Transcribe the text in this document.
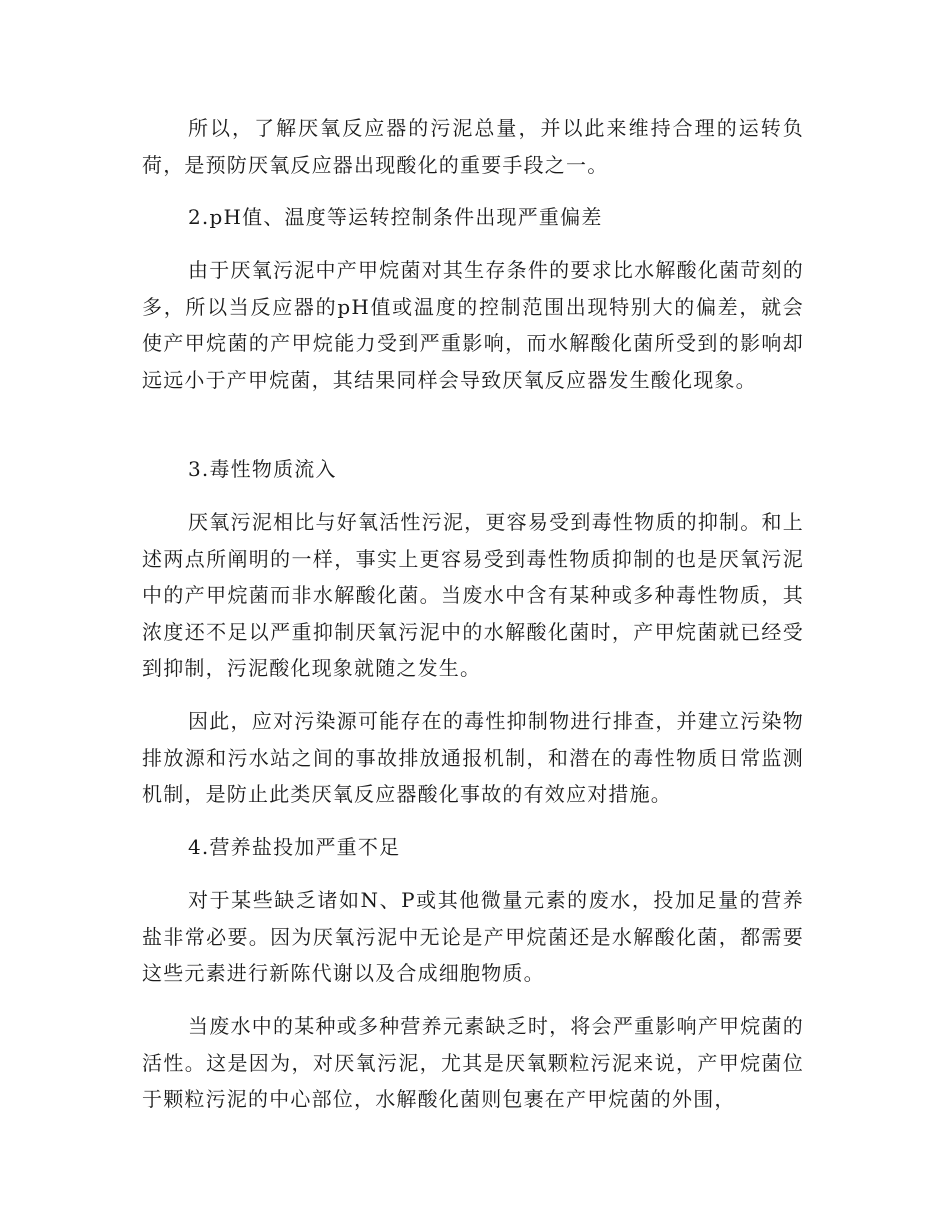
所以，了解厌氧反应器的污泥总量，并以此来维持合理的运转负荷，是预防厌氧反应器出现酸化的重要手段之一。

2.pH值、温度等运转控制条件出现严重偏差

由于厌氧污泥中产甲烷菌对其生存条件的要求比水解酸化菌苛刻的多，所以当反应器的pH值或温度的控制范围出现特别大的偏差，就会使产甲烷菌的产甲烷能力受到严重影响，而水解酸化菌所受到的影响却远远小于产甲烷菌，其结果同样会导致厌氧反应器发生酸化现象。

3.毒性物质流入

厌氧污泥相比与好氧活性污泥，更容易受到毒性物质的抑制。和上述两点所阐明的一样，事实上更容易受到毒性物质抑制的也是厌氧污泥中的产甲烷菌而非水解酸化菌。当废水中含有某种或多种毒性物质，其浓度还不足以严重抑制厌氧污泥中的水解酸化菌时，产甲烷菌就已经受到抑制，污泥酸化现象就随之发生。

因此，应对污染源可能存在的毒性抑制物进行排查，并建立污染物排放源和污水站之间的事故排放通报机制，和潜在的毒性物质日常监测机制，是防止此类厌氧反应器酸化事故的有效应对措施。

4.营养盐投加严重不足

对于某些缺乏诸如N、P或其他微量元素的废水，投加足量的营养盐非常必要。因为厌氧污泥中无论是产甲烷菌还是水解酸化菌，都需要这些元素进行新陈代谢以及合成细胞物质。

当废水中的某种或多种营养元素缺乏时，将会严重影响产甲烷菌的活性。这是因为，对厌氧污泥，尤其是厌氧颗粒污泥来说，产甲烷菌位于颗粒污泥的中心部位，水解酸化菌则包裹在产甲烷菌的外围，
